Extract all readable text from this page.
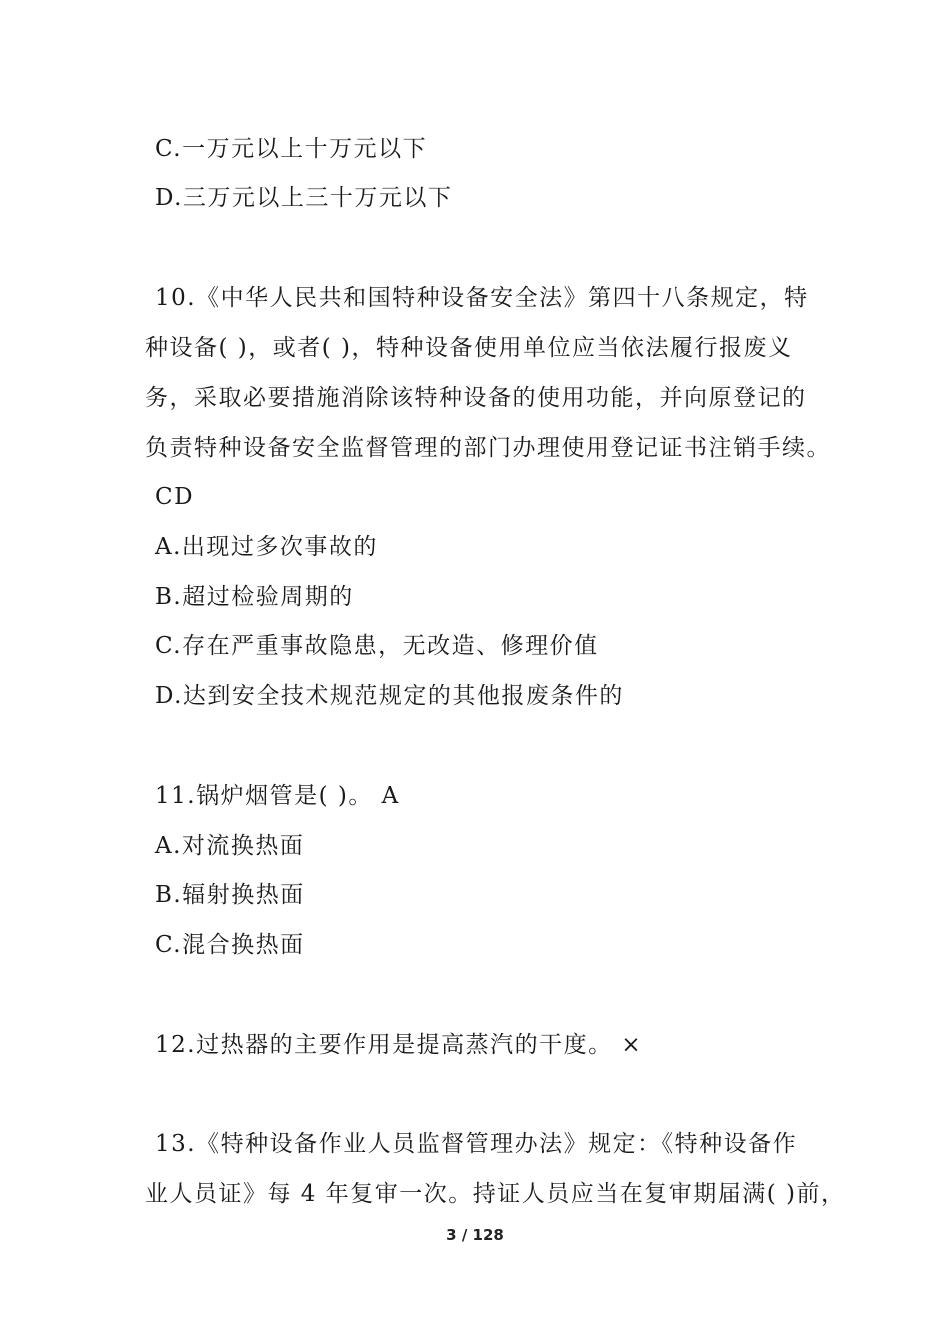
C.一万元以上十万元以下
D.三万元以上三十万元以下
10.《中华人民共和国特种设备安全法》第四十八条规定，特
种设备( )，或者( )，特种设备使用单位应当依法履行报废义
务，采取必要措施消除该特种设备的使用功能，并向原登记的
负责特种设备安全监督管理的部门办理使用登记证书注销手续。
CD
A.出现过多次事故的
B.超过检验周期的
C.存在严重事故隐患，无改造、修理价值
D.达到安全技术规范规定的其他报废条件的
11.锅炉烟管是( )。 A
A.对流换热面
B.辐射换热面
C.混合换热面
12.过热器的主要作用是提高蒸汽的干度。 ×
13.《特种设备作业人员监督管理办法》规定：《特种设备作
业人员证》每 4 年复审一次。持证人员应当在复审期届满( )前，
3 / 128
